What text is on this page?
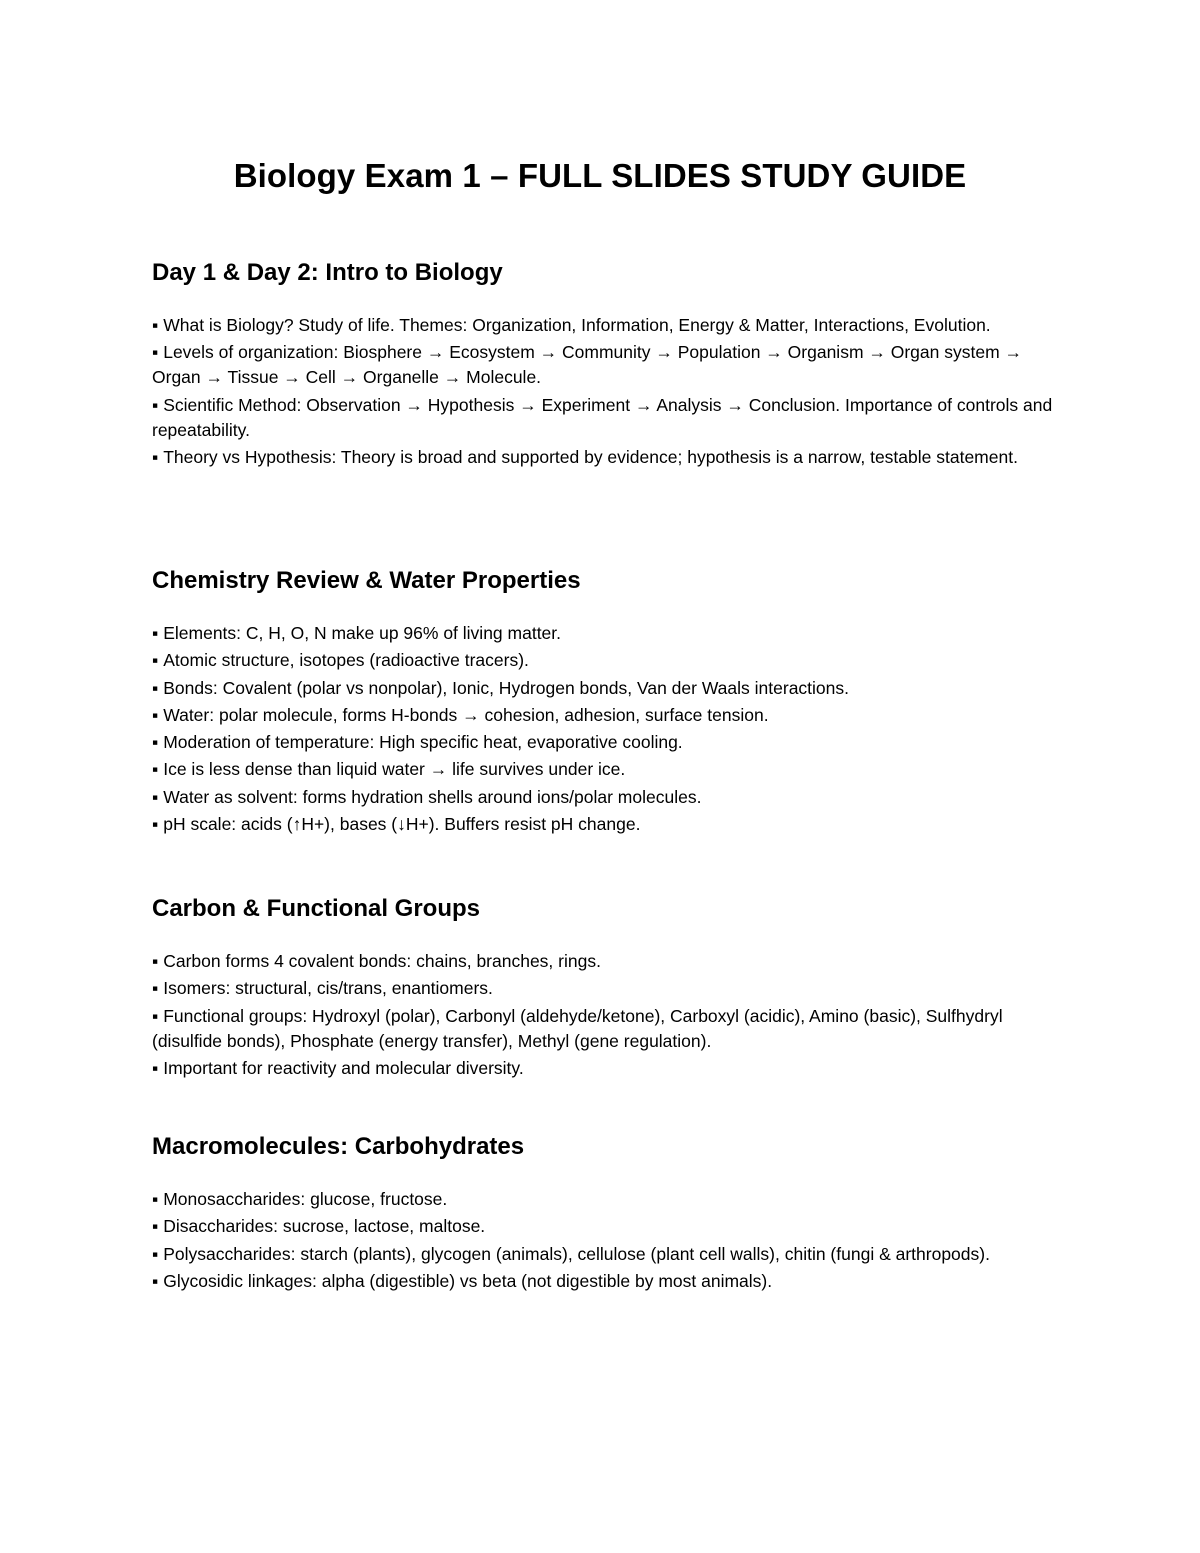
Biology Exam 1 – FULL SLIDES STUDY GUIDE
Day 1 & Day 2: Intro to Biology
▪ What is Biology? Study of life. Themes: Organization, Information, Energy & Matter, Interactions, Evolution.
▪ Levels of organization: Biosphere → Ecosystem → Community → Population → Organism → Organ system → Organ → Tissue → Cell → Organelle → Molecule.
▪ Scientific Method: Observation → Hypothesis → Experiment → Analysis → Conclusion. Importance of controls and repeatability.
▪ Theory vs Hypothesis: Theory is broad and supported by evidence; hypothesis is a narrow, testable statement.
Chemistry Review & Water Properties
▪ Elements: C, H, O, N make up 96% of living matter.
▪ Atomic structure, isotopes (radioactive tracers).
▪ Bonds: Covalent (polar vs nonpolar), Ionic, Hydrogen bonds, Van der Waals interactions.
▪ Water: polar molecule, forms H-bonds → cohesion, adhesion, surface tension.
▪ Moderation of temperature: High specific heat, evaporative cooling.
▪ Ice is less dense than liquid water → life survives under ice.
▪ Water as solvent: forms hydration shells around ions/polar molecules.
▪ pH scale: acids (↑H+), bases (↓H+). Buffers resist pH change.
Carbon & Functional Groups
▪ Carbon forms 4 covalent bonds: chains, branches, rings.
▪ Isomers: structural, cis/trans, enantiomers.
▪ Functional groups: Hydroxyl (polar), Carbonyl (aldehyde/ketone), Carboxyl (acidic), Amino (basic), Sulfhydryl (disulfide bonds), Phosphate (energy transfer), Methyl (gene regulation).
▪ Important for reactivity and molecular diversity.
Macromolecules: Carbohydrates
▪ Monosaccharides: glucose, fructose.
▪ Disaccharides: sucrose, lactose, maltose.
▪ Polysaccharides: starch (plants), glycogen (animals), cellulose (plant cell walls), chitin (fungi & arthropods).
▪ Glycosidic linkages: alpha (digestible) vs beta (not digestible by most animals).
